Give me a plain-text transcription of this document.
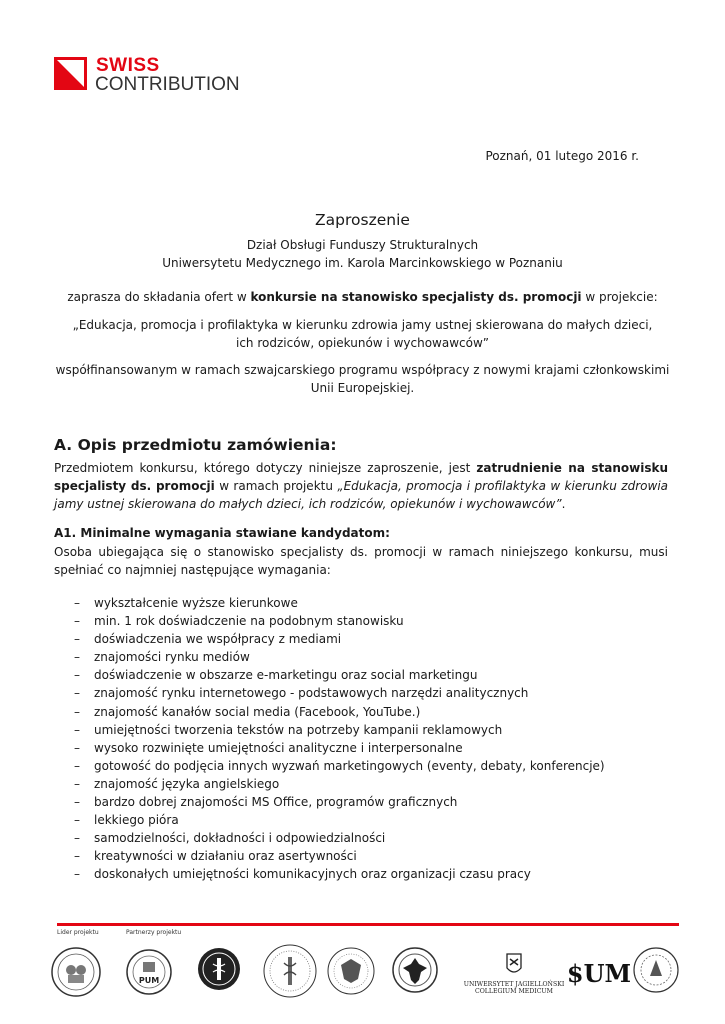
SWISS
CONTRIBUTION
Poznań, 01 lutego 2016 r.
Zaproszenie
Dział Obsługi Funduszy Strukturalnych
Uniwersytetu Medycznego im. Karola Marcinkowskiego w Poznaniu
zaprasza do składania ofert w konkursie na stanowisko specjalisty ds. promocji w projekcie:
„Edukacja, promocja i profilaktyka w kierunku zdrowia jamy ustnej skierowana do małych dzieci,
ich rodziców, opiekunów i wychowawców”
współfinansowanym w ramach szwajcarskiego programu współpracy z nowymi krajami członkowskimi
Unii Europejskiej.
A. Opis przedmiotu zamówienia:
Przedmiotem konkursu, którego dotyczy niniejsze zaproszenie, jest zatrudnienie na stanowisku specjalisty ds. promocji w ramach projektu „Edukacja, promocja i profilaktyka w kierunku zdrowia jamy ustnej skierowana do małych dzieci, ich rodziców, opiekunów i wychowawców”.
A1. Minimalne wymagania stawiane kandydatom:
Osoba ubiegająca się o stanowisko specjalisty ds. promocji w ramach niniejszego konkursu, musi spełniać co najmniej następujące wymagania:
– wykształcenie wyższe kierunkowe
– min. 1 rok doświadczenie na podobnym stanowisku
– doświadczenia we współpracy z mediami
– znajomości rynku mediów
– doświadczenie w obszarze e-marketingu oraz social marketingu
– znajomość rynku internetowego - podstawowych narzędzi analitycznych
– znajomość kanałów social media (Facebook, YouTube.)
– umiejętności tworzenia tekstów na potrzeby kampanii reklamowych
– wysoko rozwinięte umiejętności analityczne i interpersonalne
– gotowość do podjęcia innych wyzwań marketingowych (eventy, debaty, konferencje)
– znajomość języka angielskiego
– bardzo dobrej znajomości MS Office, programów graficznych
– lekkiego pióra
– samodzielności, dokładności i odpowiedzialności
– kreatywności w działaniu oraz asertywności
– doskonałych umiejętności komunikacyjnych oraz organizacji czasu pracy
Lider projektu	Partnerzy projektu
PUM	UNIWERSYTET JAGIELLOŃSKI
COLLEGIUM MEDICUM
$UM
